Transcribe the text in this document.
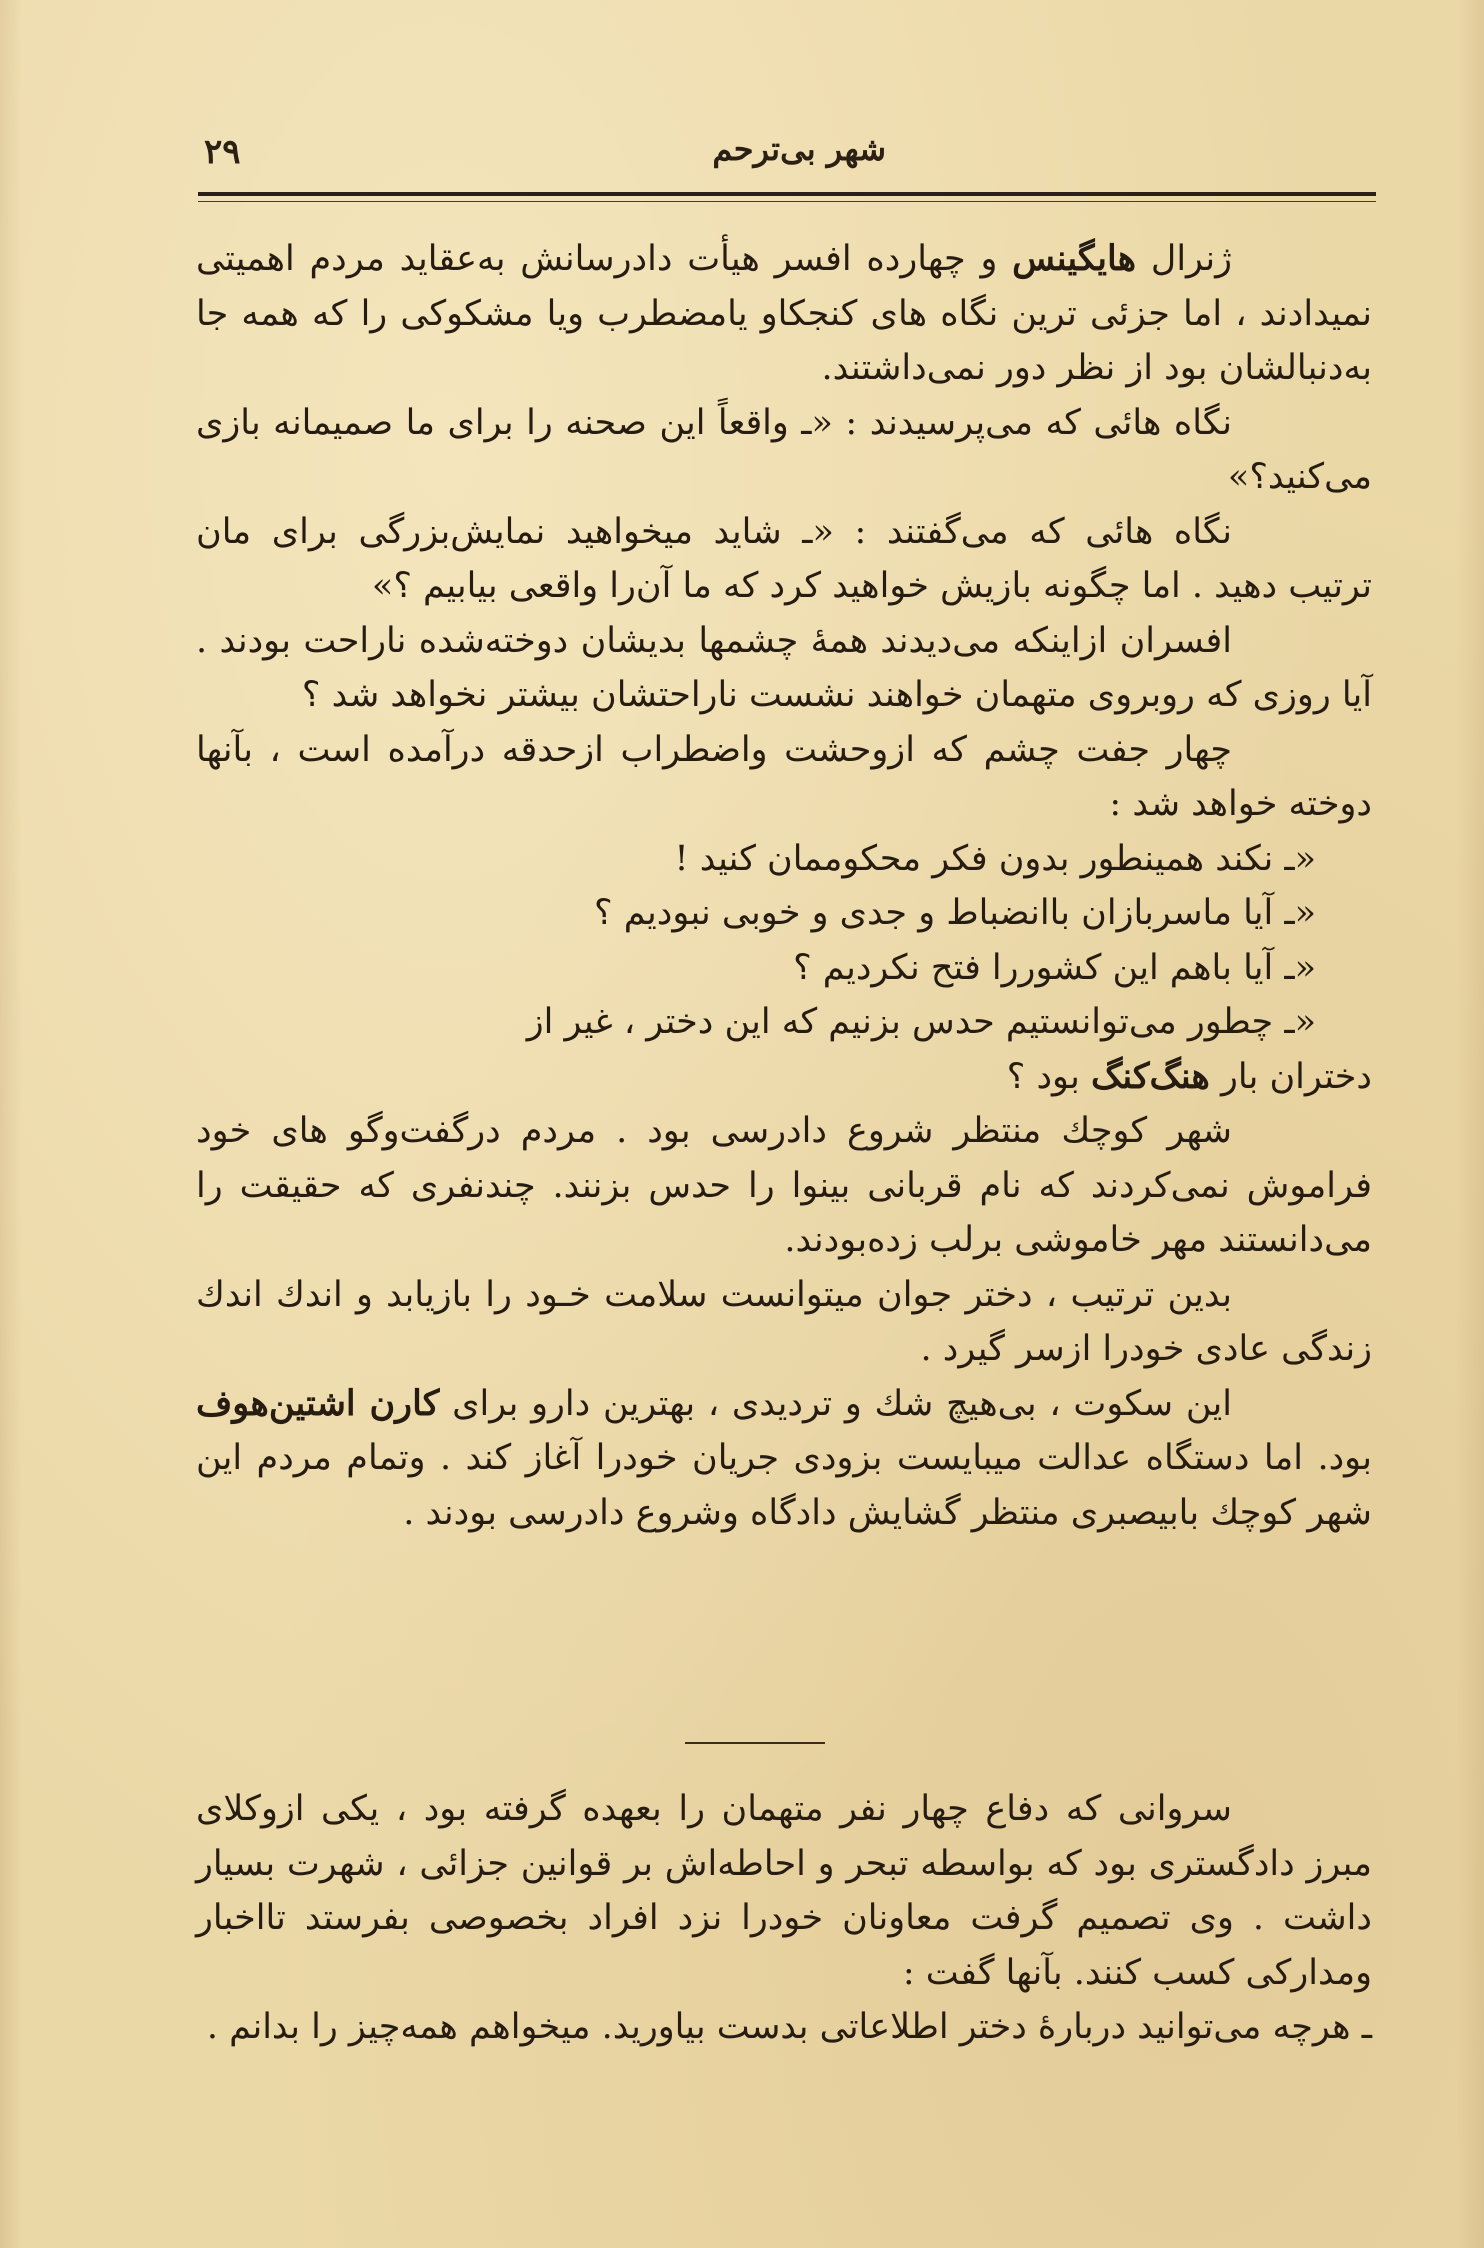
۲۹	شهر بی‌ترحم

ژنرال هایگینس و چهارده افسر هیأت دادرسانش به‌عقاید مردم اهمیتی نمیدادند ، اما جزئی ترین نگاه های کنجکاو یامضطرب ویا مشکوکی را که همه جا به‌دنبالشان بود از نظر دور نمی‌داشتند.

نگاه هائی که می‌پرسیدند : «ـ واقعاً این صحنه را برای ما صمیمانه بازی می‌کنید؟»

نگاه هائی که می‌گفتند : «ـ شاید میخواهید نمایش‌بزرگی برای مان ترتیب دهید . اما چگونه بازیش خواهید کرد که ما آن‌را واقعی بیابیم ؟»

افسران ازاینکه می‌دیدند همهٔ چشمها بدیشان دوخته‌شده ناراحت بودند . آیا روزی که روبروی متهمان خواهند نشست ناراحتشان بیشتر نخواهد شد ؟

چهار جفت چشم که ازوحشت واضطراب ازحدقه درآمده است ، بآنها دوخته خواهد شد :

«ـ نکند همینطور بدون فکر محکوممان کنید !

«ـ آیا ماسربازان باانضباط و جدی و خوبی نبودیم ؟

«ـ آیا باهم این کشوررا فتح نکردیم ؟

«ـ چطور می‌توانستیم حدس بزنیم که این دختر ، غیر از

دختران بار هنگ‌کنگ بود ؟

شهر کوچك منتظر شروع دادرسی بود . مردم درگفت‌وگو های خود فراموش نمی‌کردند که نام قربانی بینوا را حدس بزنند. چندنفری که حقیقت را می‌دانستند مهر خاموشی برلب زده‌بودند.

بدین ترتیب ، دختر جوان میتوانست سلامت خـود را بازیابد و اندك اندك زندگی عادی خودرا ازسر گیرد .

این سکوت ، بی‌هیچ شك و تردیدی ، بهترین دارو برای کارن اشتین‌هوف بود. اما دستگاه عدالت میبایست بزودی جریان خودرا آغاز کند . وتمام مردم این شهر کوچك بابیصبری منتظر گشایش دادگاه وشروع دادرسی بودند .

سروانی که دفاع چهار نفر متهمان را بعهده گرفته بود ، یکی ازوکلای مبرز دادگستری بود که بواسطه تبحر و احاطه‌اش بر قوانین جزائی ، شهرت بسیار داشت . وی تصمیم گرفت معاونان خودرا نزد افراد بخصوصی بفرستد تااخبار ومدارکی کسب کنند. بآنها گفت :

ـ هرچه می‌توانید دربارهٔ دختر اطلاعاتی بدست بیاورید. میخواهم همه‌چیز را بدانم .
